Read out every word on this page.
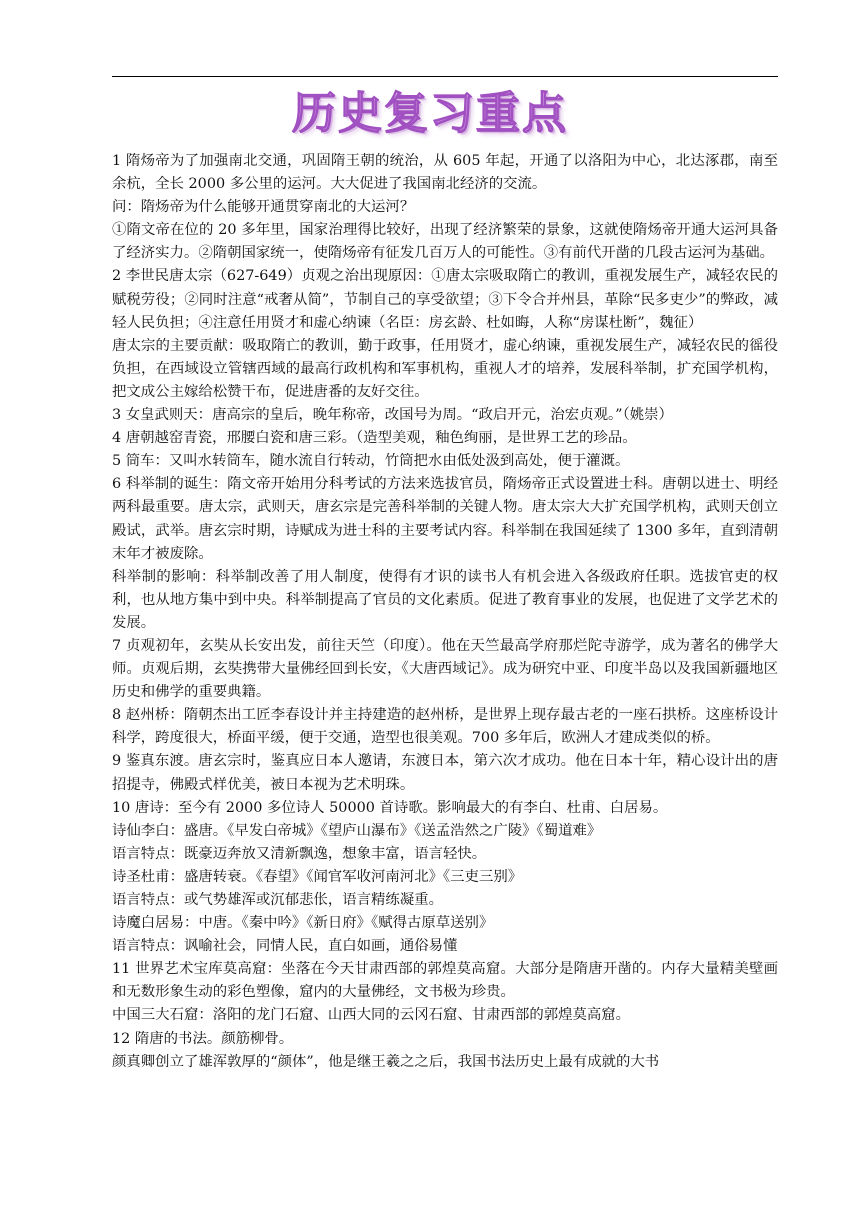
历史复习重点

1 隋炀帝为了加强南北交通，巩固隋王朝的统治，从 605 年起，开通了以洛阳为中心，北达涿郡，南至余杭，全长 2000 多公里的运河。大大促进了我国南北经济的交流。

问：隋炀帝为什么能够开通贯穿南北的大运河？

①隋文帝在位的 20 多年里，国家治理得比较好，出现了经济繁荣的景象，这就使隋炀帝开通大运河具备了经济实力。②隋朝国家统一，使隋炀帝有征发几百万人的可能性。③有前代开凿的几段古运河为基础。

2 李世民唐太宗（627-649）贞观之治出现原因：①唐太宗吸取隋亡的教训，重视发展生产，减轻农民的赋税劳役；②同时注意“戒奢从简”，节制自己的享受欲望；③下令合并州县，革除“民多吏少”的弊政，减轻人民负担；④注意任用贤才和虚心纳谏（名臣：房玄龄、杜如晦，人称“房谋杜断”，魏征）

唐太宗的主要贡献：吸取隋亡的教训，勤于政事，任用贤才，虚心纳谏，重视发展生产，减轻农民的徭役负担，在西域设立管辖西域的最高行政机构和军事机构，重视人才的培养，发展科举制，扩充国学机构，把文成公主嫁给松赞干布，促进唐番的友好交往。

3 女皇武则天：唐高宗的皇后，晚年称帝，改国号为周。“政启开元，治宏贞观。”（姚崇）

4 唐朝越窑青瓷，邢腰白瓷和唐三彩。（造型美观，釉色绚丽，是世界工艺的珍品。

5 筒车：又叫水转筒车，随水流自行转动，竹筒把水由低处汲到高处，便于灌溉。

6 科举制的诞生：隋文帝开始用分科考试的方法来选拔官员，隋炀帝正式设置进士科。唐朝以进士、明经两科最重要。唐太宗，武则天，唐玄宗是完善科举制的关键人物。唐太宗大大扩充国学机构，武则天创立殿试，武举。唐玄宗时期，诗赋成为进士科的主要考试内容。科举制在我国延续了 1300 多年，直到清朝末年才被废除。

科举制的影响：科举制改善了用人制度，使得有才识的读书人有机会进入各级政府任职。选拔官吏的权利，也从地方集中到中央。科举制提高了官员的文化素质。促进了教育事业的发展，也促进了文学艺术的发展。

7 贞观初年，玄奘从长安出发，前往天竺（印度）。他在天竺最高学府那烂陀寺游学，成为著名的佛学大师。贞观后期，玄奘携带大量佛经回到长安，《大唐西域记》。成为研究中亚、印度半岛以及我国新疆地区历史和佛学的重要典籍。

8 赵州桥：隋朝杰出工匠李春设计并主持建造的赵州桥，是世界上现存最古老的一座石拱桥。这座桥设计科学，跨度很大，桥面平缓，便于交通，造型也很美观。700 多年后，欧洲人才建成类似的桥。

9 鉴真东渡。唐玄宗时，鉴真应日本人邀请，东渡日本，第六次才成功。他在日本十年，精心设计出的唐招提寺，佛殿式样优美，被日本视为艺术明珠。

10 唐诗：至今有 2000 多位诗人 50000 首诗歌。影响最大的有李白、杜甫、白居易。

诗仙李白：盛唐。《早发白帝城》《望庐山瀑布》《送孟浩然之广陵》《蜀道难》

语言特点：既豪迈奔放又清新飘逸，想象丰富，语言轻快。

诗圣杜甫：盛唐转衰。《春望》《闻官军收河南河北》《三吏三别》

语言特点：或气势雄浑或沉郁悲伥，语言精练凝重。

诗魔白居易：中唐。《秦中吟》《新日府》《赋得古原草送别》

语言特点：讽喻社会，同情人民，直白如画，通俗易懂

11 世界艺术宝库莫高窟：坐落在今天甘肃西部的郭煌莫高窟。大部分是隋唐开凿的。内存大量精美壁画和无数形象生动的彩色塑像，窟内的大量佛经，文书极为珍贵。

中国三大石窟：洛阳的龙门石窟、山西大同的云冈石窟、甘肃西部的郭煌莫高窟。

12 隋唐的书法。颜筋柳骨。

颜真卿创立了雄浑敦厚的“颜体”，他是继王羲之之后，我国书法历史上最有成就的大书
